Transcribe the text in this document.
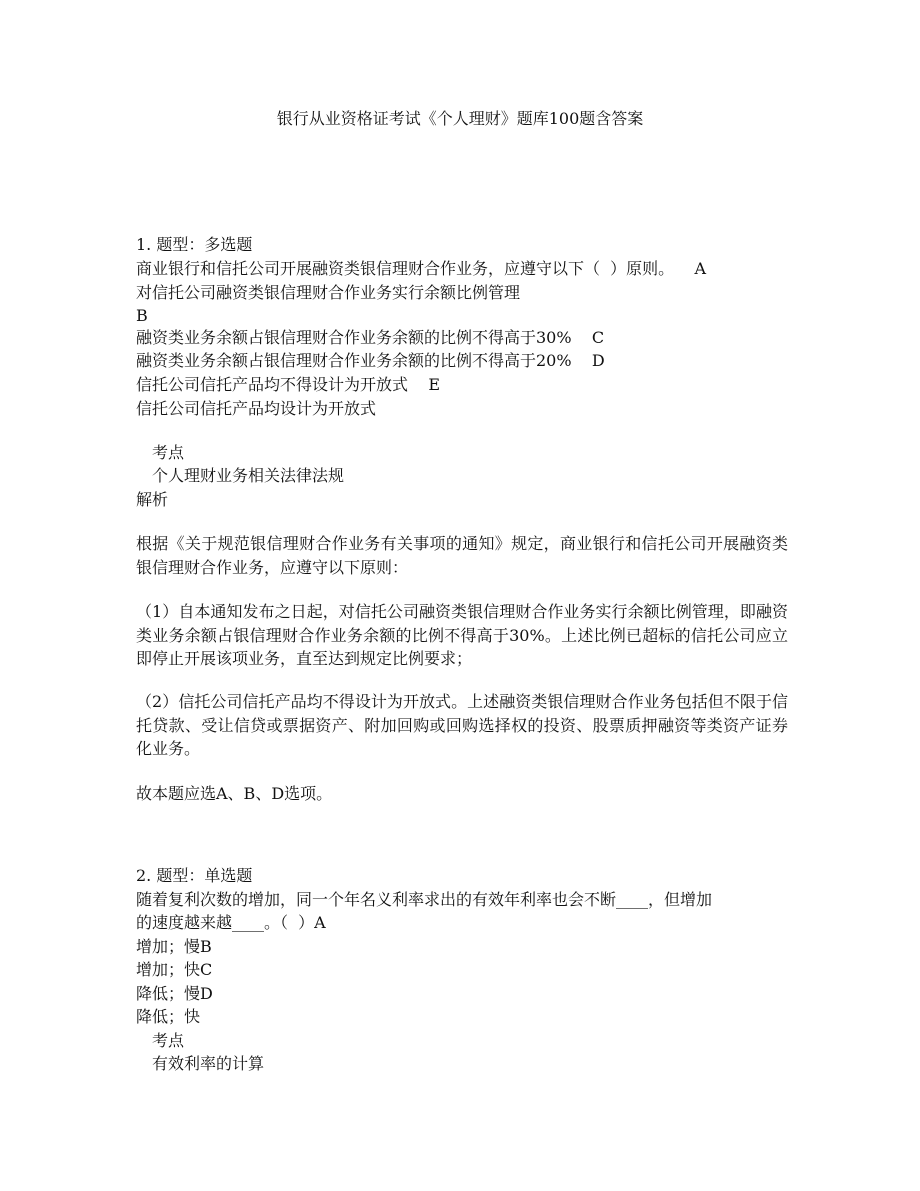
银行从业资格证考试《个人理财》题库100题含答案
1. 题型：多选题
商业银行和信托公司开展融资类银信理财合作业务，应遵守以下（  ）原则。    A
对信托公司融资类银信理财合作业务实行余额比例管理
B
融资类业务余额占银信理财合作业务余额的比例不得高于30%    C
融资类业务余额占银信理财合作业务余额的比例不得高于20%    D
信托公司信托产品均不得设计为开放式    E
信托公司信托产品均设计为开放式
考点
个人理财业务相关法律法规
解析
根据《关于规范银信理财合作业务有关事项的通知》规定，商业银行和信托公司开展融资类银信理财合作业务，应遵守以下原则：
（1）自本通知发布之日起，对信托公司融资类银信理财合作业务实行余额比例管理，即融资类业务余额占银信理财合作业务余额的比例不得高于30%。上述比例已超标的信托公司应立即停止开展该项业务，直至达到规定比例要求；
（2）信托公司信托产品均不得设计为开放式。上述融资类银信理财合作业务包括但不限于信托贷款、受让信贷或票据资产、附加回购或回购选择权的投资、股票质押融资等类资产证券化业务。
故本题应选A、B、D选项。
2. 题型：单选题
随着复利次数的增加，同一个年名义利率求出的有效年利率也会不断____，但增加
的速度越来越____。（  ）A
增加；慢B
增加；快C
降低；慢D
降低；快
考点
有效利率的计算
